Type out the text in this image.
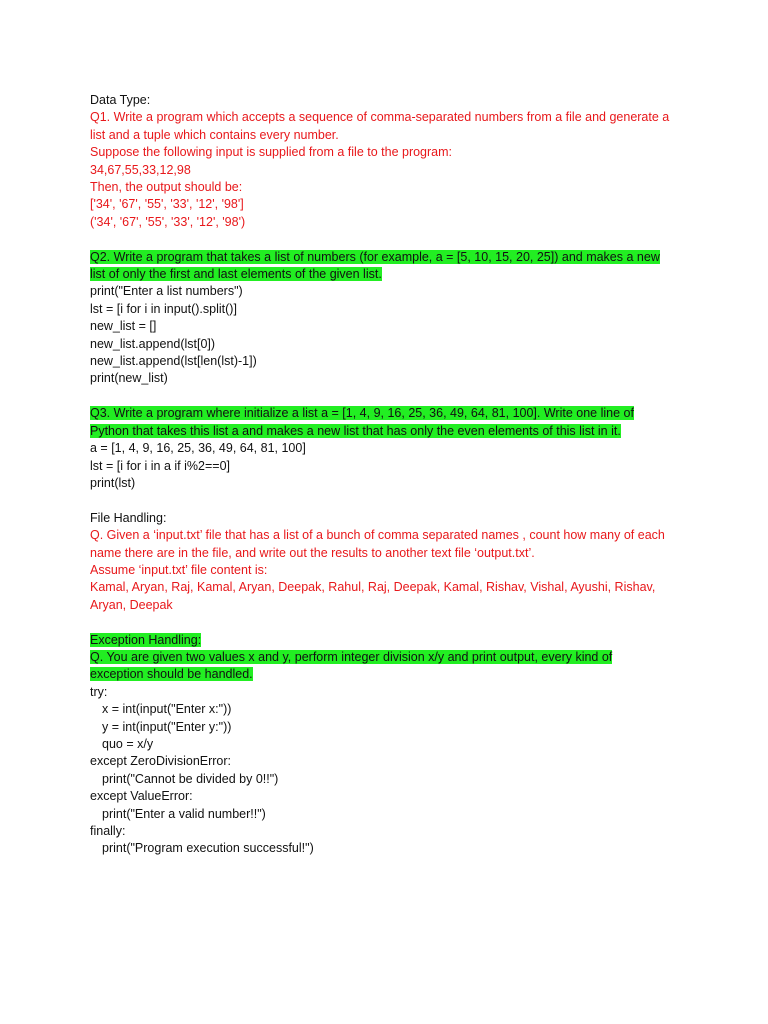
Data Type:
Q1. Write a program which accepts a sequence of comma-separated numbers from a file and generate a
list and a tuple which contains every number.
Suppose the following input is supplied from a file to the program:
34,67,55,33,12,98
Then, the output should be:
['34', '67', '55', '33', '12', '98']
('34', '67', '55', '33', '12', '98')
Q2. Write a program that takes a list of numbers (for example, a = [5, 10, 15, 20, 25]) and makes a new
list of only the first and last elements of the given list.
print("Enter a list numbers")
lst = [i for i in input().split()]
new_list = []
new_list.append(lst[0])
new_list.append(lst[len(lst)-1])
print(new_list)
Q3. Write a program where initialize a list a = [1, 4, 9, 16, 25, 36, 49, 64, 81, 100]. Write one line of
Python that takes this list a and makes a new list that has only the even elements of this list in it.
a = [1, 4, 9, 16, 25, 36, 49, 64, 81, 100]
lst = [i for i in a if i%2==0]
print(lst)
File Handling:
Q. Given a ‘input.txt’ file that has a list of a bunch of comma separated names , count how many of each
name there are in the file, and write out the results to another text file ‘output.txt’.
Assume ‘input.txt’ file content is:
Kamal, Aryan, Raj, Kamal, Aryan, Deepak, Rahul, Raj, Deepak, Kamal, Rishav, Vishal, Ayushi, Rishav,
Aryan, Deepak
Exception Handling:
Q. You are given two values x and y, perform integer division x/y and print output, every kind of
exception should be handled.
try:
x = int(input("Enter x:"))
y = int(input("Enter y:"))
quo = x/y
except ZeroDivisionError:
print("Cannot be divided by 0!!")
except ValueError:
print("Enter a valid number!!")
finally:
print("Program execution successful!")
